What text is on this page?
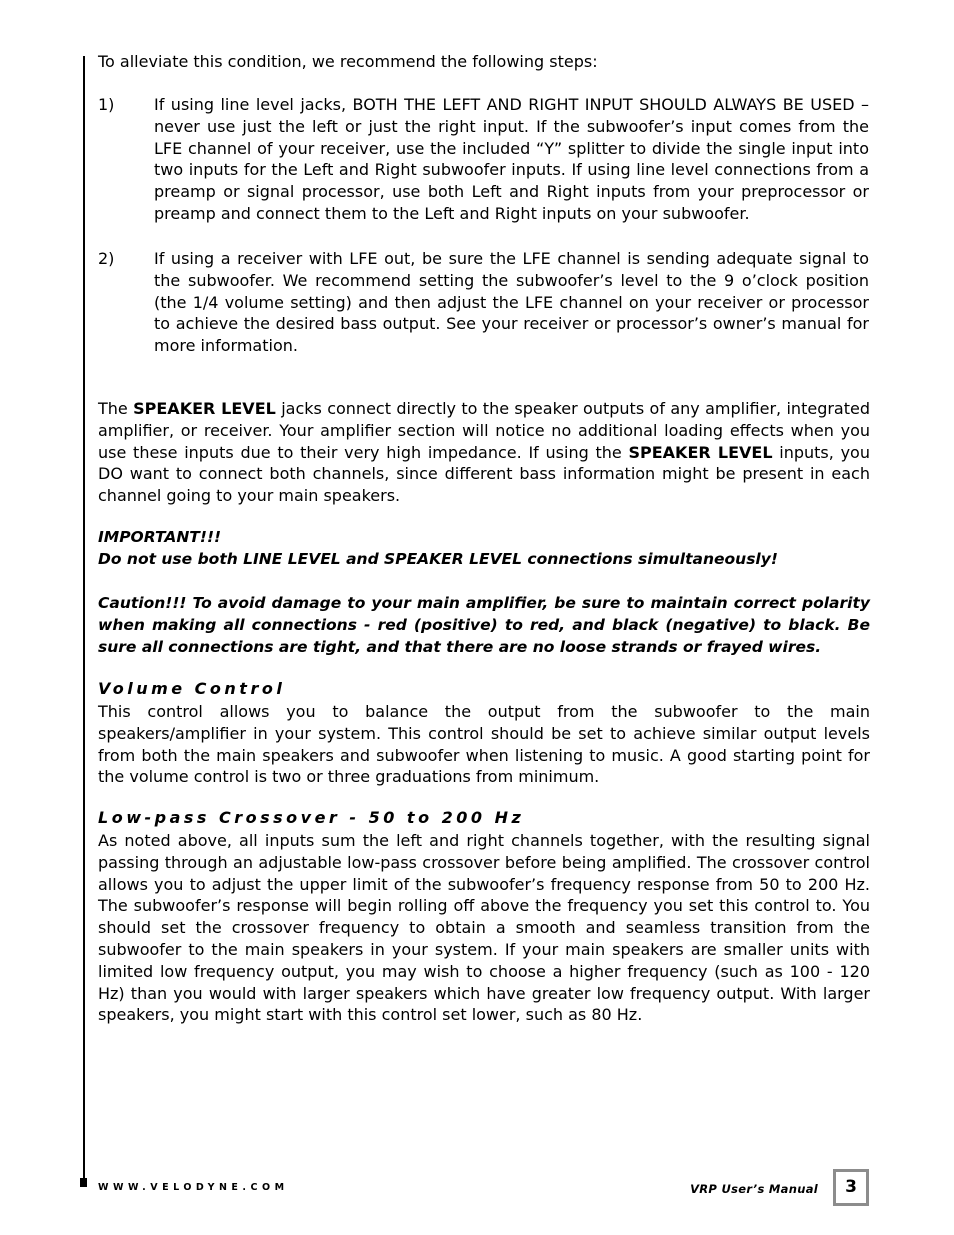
To alleviate this condition, we recommend the following steps:

1) If using line level jacks, BOTH THE LEFT AND RIGHT INPUT SHOULD ALWAYS BE USED – never use just the left or just the right input. If the subwoofer’s input comes from the LFE channel of your receiver, use the included “Y” splitter to divide the single input into two inputs for the Left and Right subwoofer inputs. If using line level connections from a preamp or signal processor, use both Left and Right inputs from your preprocessor or preamp and connect them to the Left and Right inputs on your subwoofer.

2) If using a receiver with LFE out, be sure the LFE channel is sending adequate signal to the subwoofer. We recommend setting the subwoofer’s level to the 9 o’clock position (the 1/4 volume setting) and then adjust the LFE channel on your receiver or processor to achieve the desired bass output. See your receiver or processor’s owner’s manual for more information.

The SPEAKER LEVEL jacks connect directly to the speaker outputs of any amplifier, integrated amplifier, or receiver. Your amplifier section will notice no additional loading effects when you use these inputs due to their very high impedance. If using the SPEAKER LEVEL inputs, you DO want to connect both channels, since different bass information might be present in each channel going to your main speakers.

IMPORTANT!!!
Do not use both LINE LEVEL and SPEAKER LEVEL connections simultaneously!

Caution!!! To avoid damage to your main amplifier, be sure to maintain correct polarity when making all connections - red (positive) to red, and black (negative) to black. Be sure all connections are tight, and that there are no loose strands or frayed wires.

Volume Control

This control allows you to balance the output from the subwoofer to the main speakers/amplifier in your system. This control should be set to achieve similar output levels from both the main speakers and subwoofer when listening to music. A good starting point for the volume control is two or three graduations from minimum.

Low-pass Crossover - 50 to 200 Hz

As noted above, all inputs sum the left and right channels together, with the resulting signal passing through an adjustable low-pass crossover before being amplified. The crossover control allows you to adjust the upper limit of the subwoofer’s frequency response from 50 to 200 Hz. The subwoofer’s response will begin rolling off above the frequency you set this control to. You should set the crossover frequency to obtain a smooth and seamless transition from the subwoofer to the main speakers in your system. If your main speakers are smaller units with limited low frequency output, you may wish to choose a higher frequency (such as 100 - 120 Hz) than you would with larger speakers which have greater low frequency output. With larger speakers, you might start with this control set lower, such as 80 Hz.

WWW.VELODYNE.COM	VRP User’s Manual 3
